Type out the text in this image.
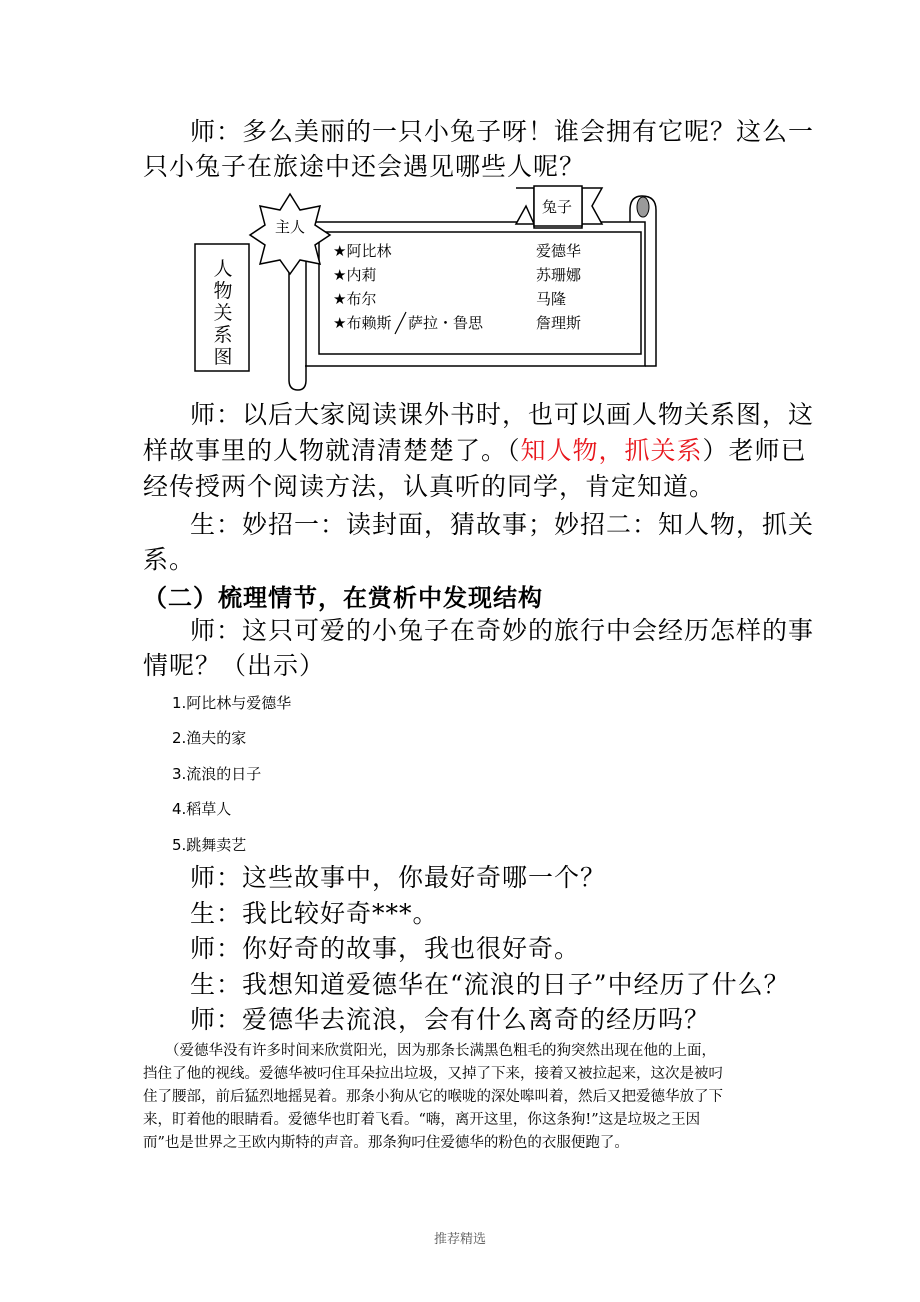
师：多么美丽的一只小兔子呀！谁会拥有它呢？这么一
只小兔子在旅途中还会遇见哪些人呢？
人物关系图
主人
兔子
★阿比林
★内莉
★布尔
★布赖斯 萨拉・鲁思
爱德华
苏珊娜
马隆
詹理斯
师：以后大家阅读课外书时，也可以画人物关系图，这
样故事里的人物就清清楚楚了。（知人物，抓关系）老师已
经传授两个阅读方法，认真听的同学，肯定知道。
生：妙招一：读封面，猜故事；妙招二：知人物，抓关
系。
（二）梳理情节，在赏析中发现结构
师：这只可爱的小兔子在奇妙的旅行中会经历怎样的事
情呢？（出示）
1.阿比林与爱德华
2.渔夫的家
3.流浪的日子
4.稻草人
5.跳舞卖艺
师：这些故事中，你最好奇哪一个？
生：我比较好奇***。
师：你好奇的故事，我也很好奇。
生：我想知道爱德华在“流浪的日子”中经历了什么？
师：爱德华去流浪，会有什么离奇的经历吗？
（爱德华没有许多时间来欣赏阳光，因为那条长满黑色粗毛的狗突然出现在他的上面，
挡住了他的视线。爱德华被叼住耳朵拉出垃圾，又掉了下来，接着又被拉起来，这次是被叼
住了腰部，前后猛烈地摇晃着。那条小狗从它的喉咙的深处嗥叫着，然后又把爱德华放了下
来，盯着他的眼睛看。爱德华也盯着飞看。“嗨，离开这里，你这条狗!”这是垃圾之王因
而”也是世界之王欧内斯特的声音。那条狗叼住爱德华的粉色的衣服便跑了。
推荐精选
